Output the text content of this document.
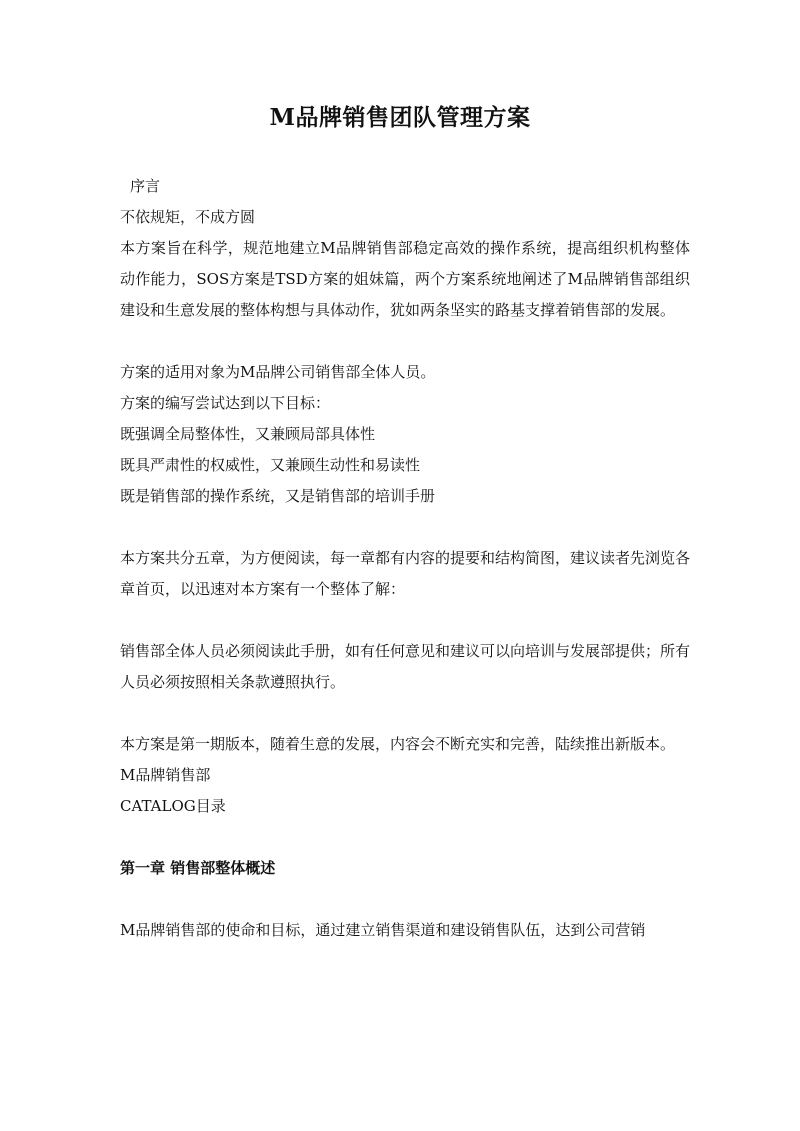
M品牌销售团队管理方案

序言

不依规矩，不成方圆

本方案旨在科学，规范地建立M品牌销售部稳定高效的操作系统，提高组织机构整体动作能力，SOS方案是TSD方案的姐妹篇，两个方案系统地阐述了M品牌销售部组织建设和生意发展的整体构想与具体动作，犹如两条坚实的路基支撑着销售部的发展。

方案的适用对象为M品牌公司销售部全体人员。

方案的编写尝试达到以下目标：

既强调全局整体性，又兼顾局部具体性

既具严肃性的权威性，又兼顾生动性和易读性

既是销售部的操作系统，又是销售部的培训手册

本方案共分五章，为方便阅读，每一章都有内容的提要和结构简图，建议读者先浏览各章首页，以迅速对本方案有一个整体了解：

销售部全体人员必须阅读此手册，如有任何意见和建议可以向培训与发展部提供；所有人员必须按照相关条款遵照执行。

本方案是第一期版本，随着生意的发展，内容会不断充实和完善，陆续推出新版本。

M品牌销售部

CATALOG目录

第一章 销售部整体概述

M品牌销售部的使命和目标，通过建立销售渠道和建设销售队伍，达到公司营销
